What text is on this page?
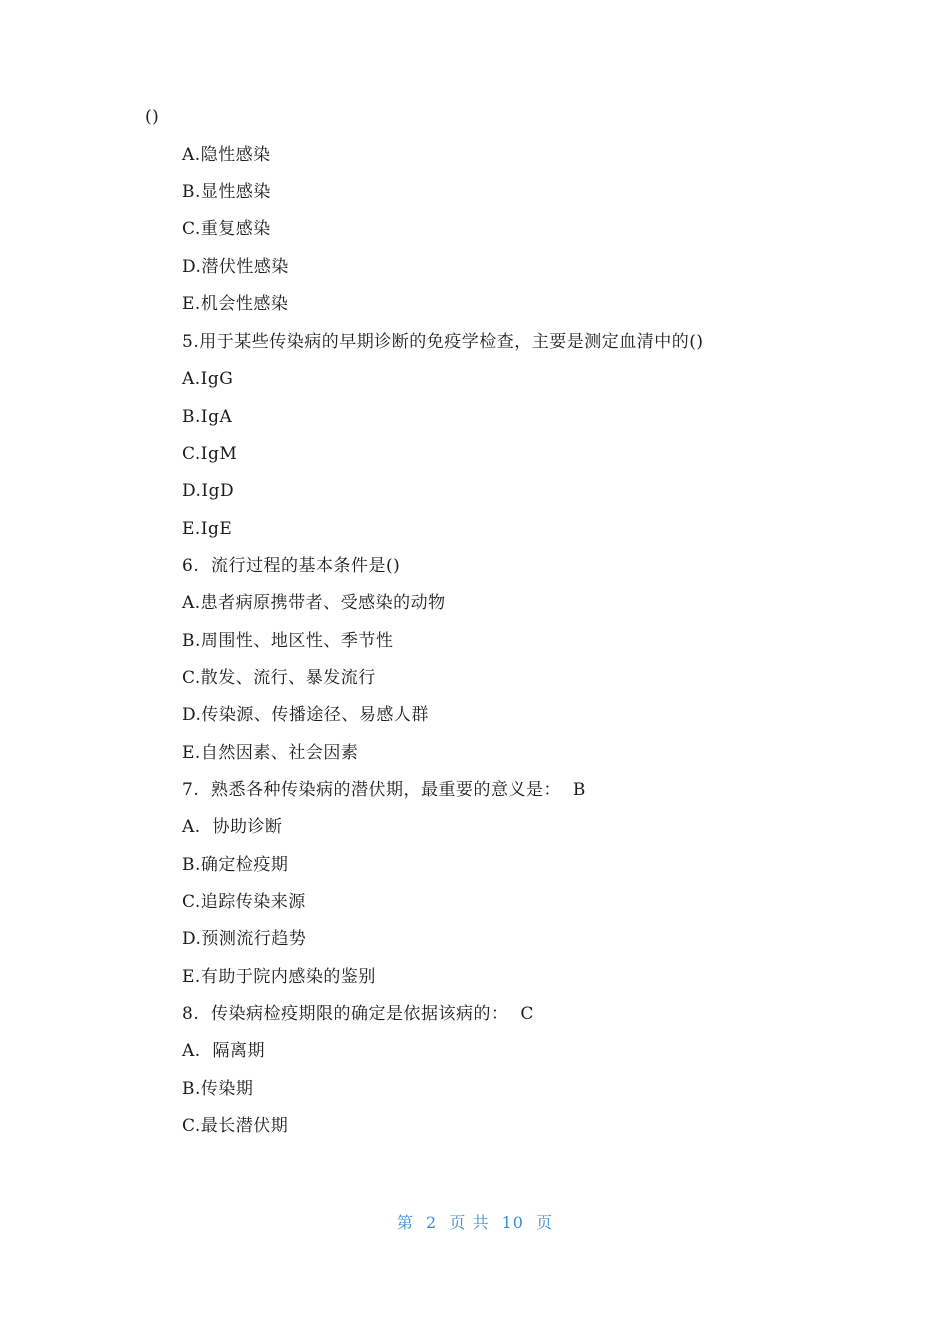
()
A.隐性感染
B.显性感染
C.重复感染
D.潜伏性感染
E.机会性感染
5.用于某些传染病的早期诊断的免疫学检查，主要是测定血清中的()
A.IgG
B.IgA
C.IgM
D.IgD
E.IgE
6.  流行过程的基本条件是()
A.患者病原携带者、受感染的动物
B.周围性、地区性、季节性
C.散发、流行、暴发流行
D.传染源、传播途径、易感人群
E.自然因素、社会因素
7.  熟悉各种传染病的潜伏期，最重要的意义是：  B
A.  协助诊断
B.确定检疫期
C.追踪传染来源
D.预测流行趋势
E.有助于院内感染的鉴别
8.  传染病检疫期限的确定是依据该病的：  C
A.  隔离期
B.传染期
C.最长潜伏期
第  2  页 共  10  页
